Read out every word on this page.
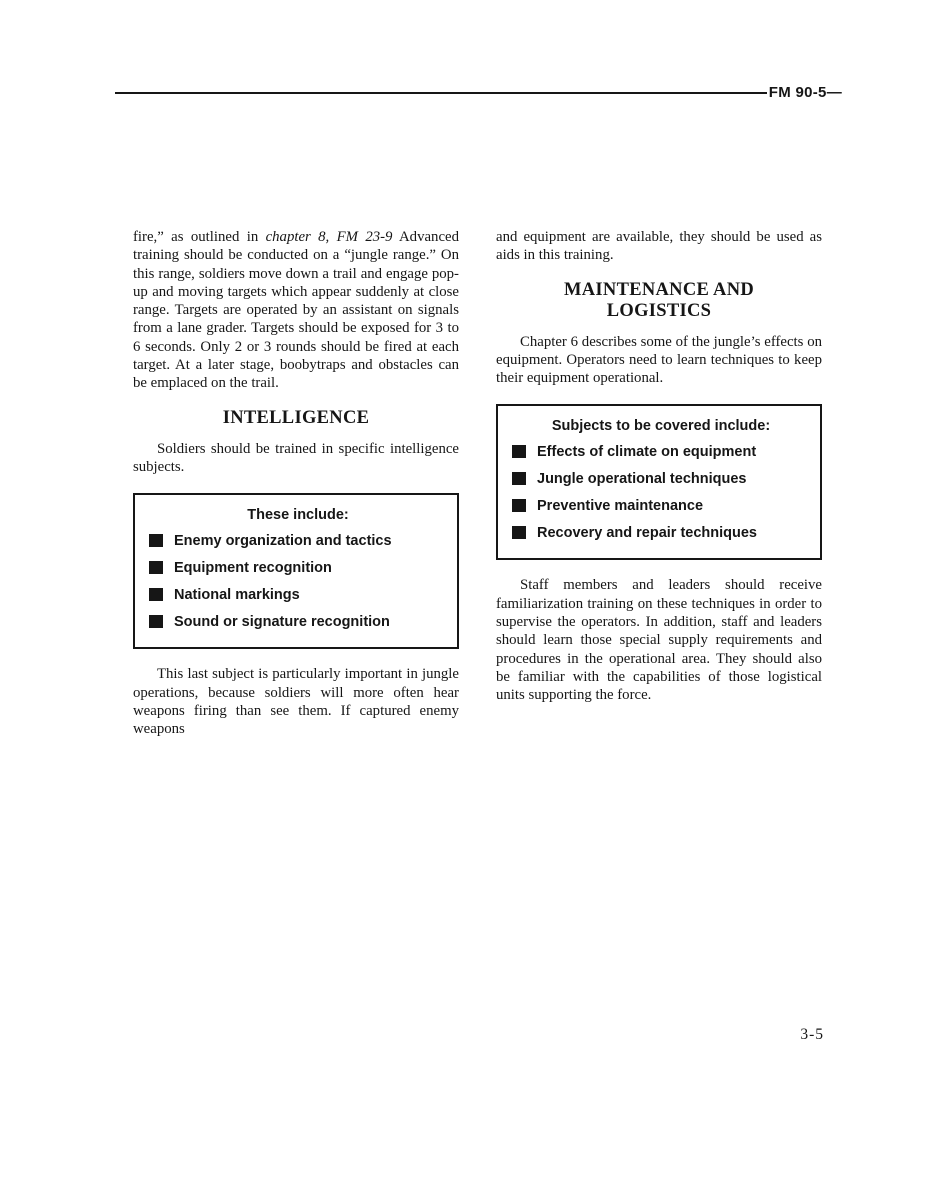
FM 90-5—

fire,” as outlined in chapter 8, FM 23-9 Advanced training should be conducted on a “jungle range.” On this range, soldiers move down a trail and engage pop-up and moving targets which appear suddenly at close range. Targets are operated by an assistant on signals from a lane grader. Targets should be exposed for 3 to 6 seconds. Only 2 or 3 rounds should be fired at each target. At a later stage, boobytraps and obstacles can be emplaced on the trail.

INTELLIGENCE

Soldiers should be trained in specific intelligence subjects.

These include:
Enemy organization and tactics
Equipment recognition
National markings
Sound or signature recognition

This last subject is particularly important in jungle operations, because soldiers will more often hear weapons firing than see them. If captured enemy weapons

and equipment are available, they should be used as aids in this training.

MAINTENANCE AND
LOGISTICS

Chapter 6 describes some of the jungle’s effects on equipment. Operators need to learn techniques to keep their equipment operational.

Subjects to be covered include:
Effects of climate on equipment
Jungle operational techniques
Preventive maintenance
Recovery and repair techniques

Staff members and leaders should receive familiarization training on these techniques in order to supervise the operators. In addition, staff and leaders should learn those special supply requirements and procedures in the operational area. They should also be familiar with the capabilities of those logistical units supporting the force.

3-5
